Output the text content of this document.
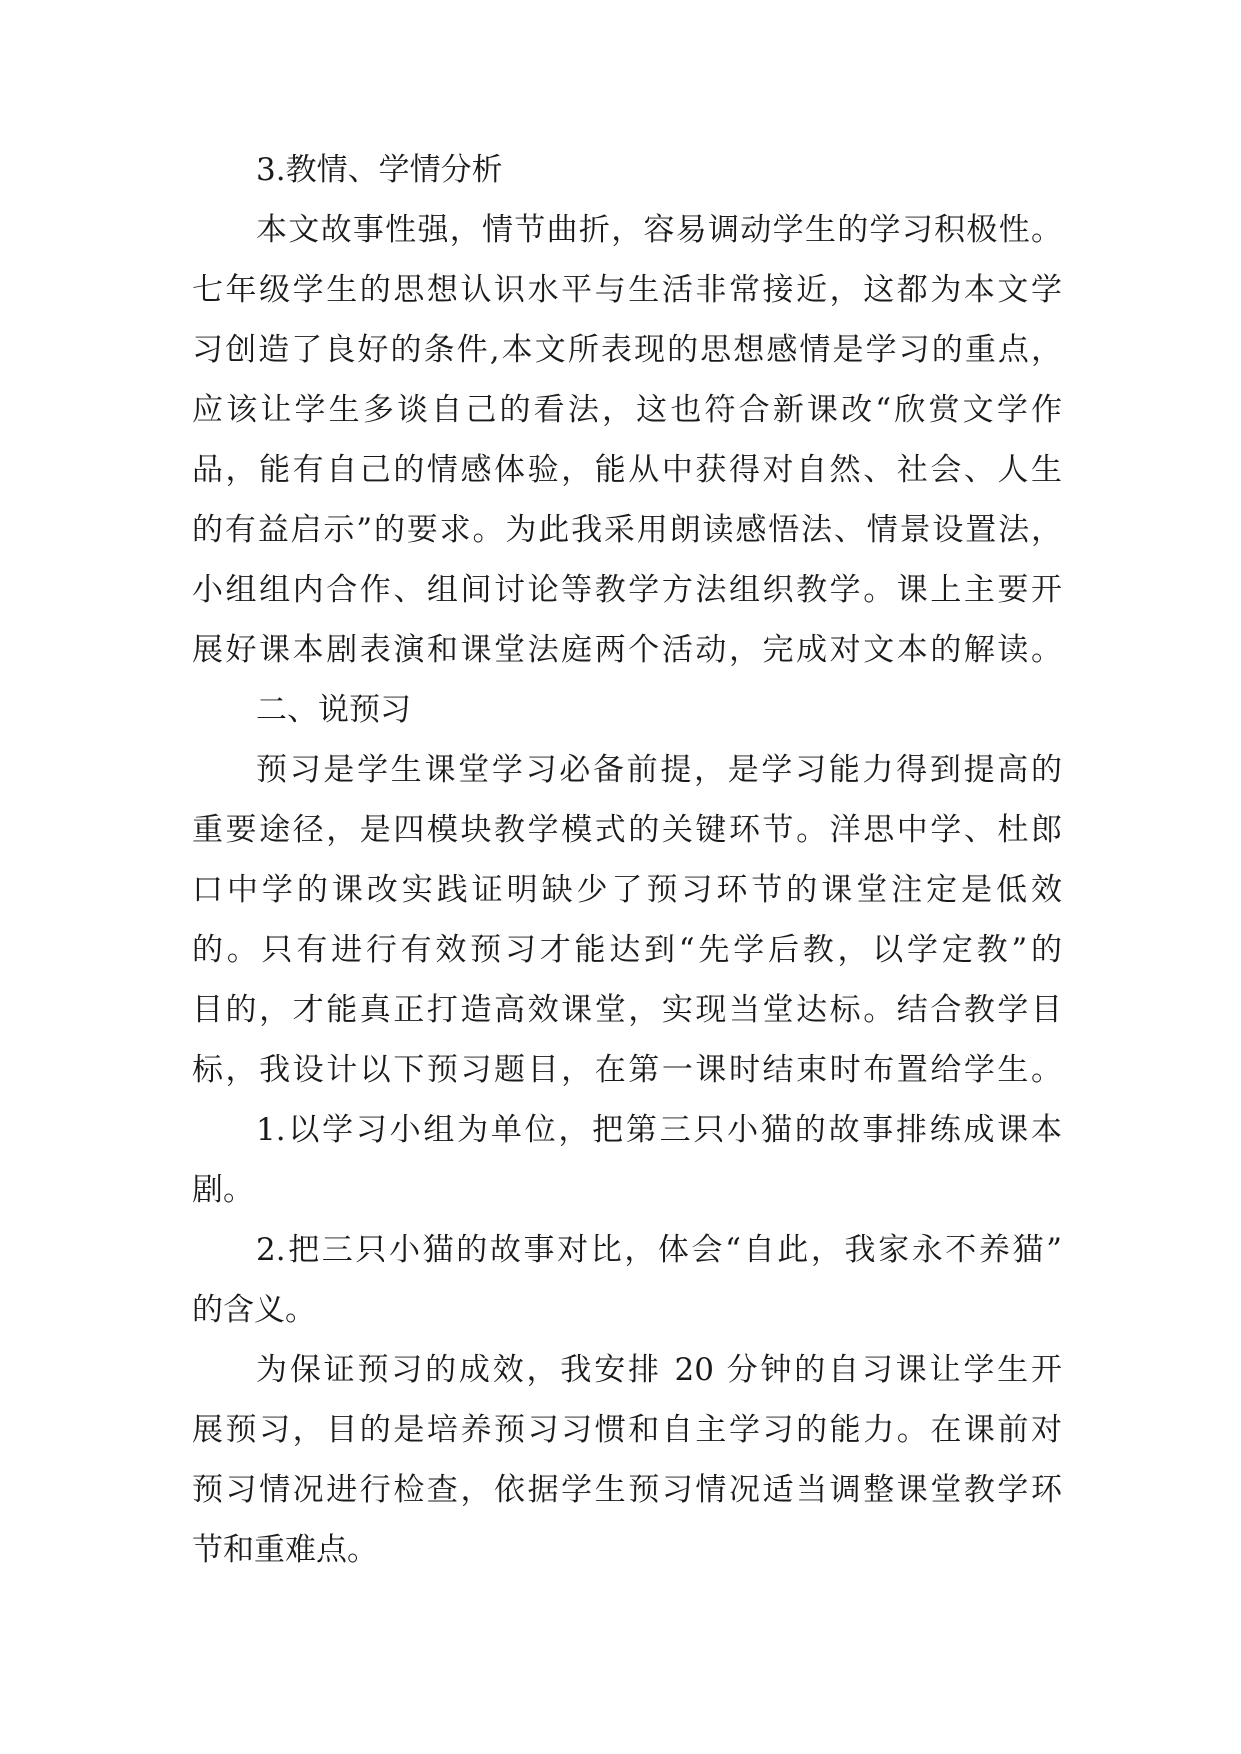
3.教情、学情分析
本文故事性强，情节曲折，容易调动学生的学习积极性。
七年级学生的思想认识水平与生活非常接近，这都为本文学
习创造了良好的条件,本文所表现的思想感情是学习的重点，
应该让学生多谈自己的看法，这也符合新课改“欣赏文学作
品，能有自己的情感体验，能从中获得对自然、社会、人生
的有益启示”的要求。为此我采用朗读感悟法、情景设置法，
小组组内合作、组间讨论等教学方法组织教学。课上主要开
展好课本剧表演和课堂法庭两个活动，完成对文本的解读。
二、说预习
预习是学生课堂学习必备前提，是学习能力得到提高的
重要途径，是四模块教学模式的关键环节。洋思中学、杜郎
口中学的课改实践证明缺少了预习环节的课堂注定是低效
的。只有进行有效预习才能达到“先学后教，以学定教”的
目的，才能真正打造高效课堂，实现当堂达标。结合教学目
标，我设计以下预习题目，在第一课时结束时布置给学生。
1.以学习小组为单位，把第三只小猫的故事排练成课本
剧。
2.把三只小猫的故事对比，体会“自此，我家永不养猫”
的含义。
为保证预习的成效，我安排 20 分钟的自习课让学生开
展预习，目的是培养预习习惯和自主学习的能力。在课前对
预习情况进行检查，依据学生预习情况适当调整课堂教学环
节和重难点。
